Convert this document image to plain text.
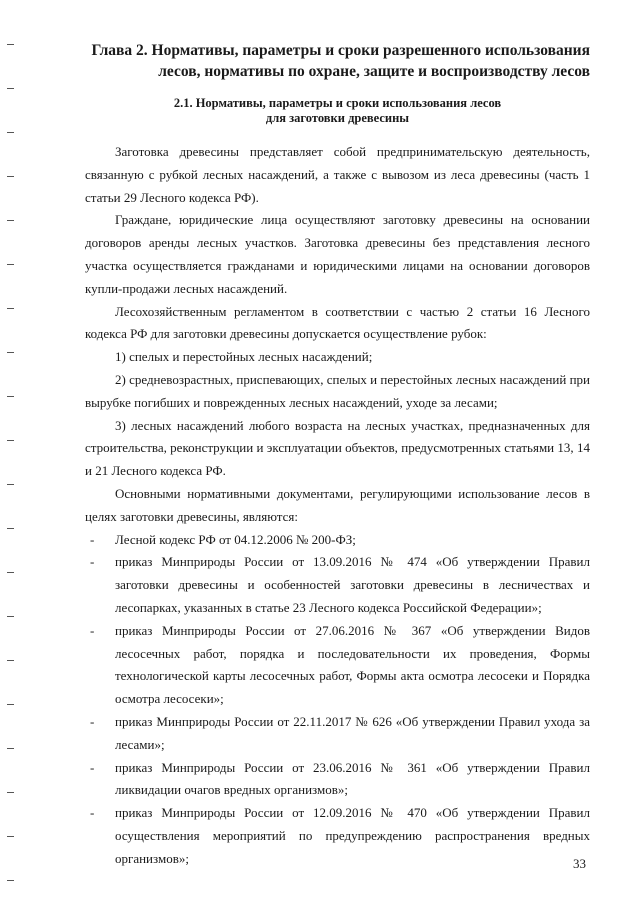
Глава 2. Нормативы, параметры и сроки разрешенного использования
лесов, нормативы по охране, защите и воспроизводству лесов
2.1. Нормативы, параметры и сроки использования лесов
для заготовки древесины

Заготовка древесины представляет собой предпринимательскую деятельность, связанную с рубкой лесных насаждений, а также с вывозом из леса древесины (часть 1 статьи 29 Лесного кодекса РФ).

Граждане, юридические лица осуществляют заготовку древесины на основании договоров аренды лесных участков. Заготовка древесины без представления лесного участка осуществляется гражданами и юридическими лицами на основании договоров купли-продажи лесных насаждений.

Лесохозяйственным регламентом в соответствии с частью 2 статьи 16 Лесного кодекса РФ для заготовки древесины допускается осуществление рубок:

1) спелых и перестойных лесных насаждений;

2) средневозрастных, приспевающих, спелых и перестойных лесных насаждений при вырубке погибших и поврежденных лесных насаждений, уходе за лесами;

3) лесных насаждений любого возраста на лесных участках, предназначенных для строительства, реконструкции и эксплуатации объектов, предусмотренных статьями 13, 14 и 21 Лесного кодекса РФ.

Основными нормативными документами, регулирующими использование лесов в целях заготовки древесины, являются:

- Лесной кодекс РФ от 04.12.2006 № 200-ФЗ;
- приказ Минприроды России от 13.09.2016 № 474 «Об утверждении Правил заготовки древесины и особенностей заготовки древесины в лесничествах и лесопарках, указанных в статье 23 Лесного кодекса Российской Федерации»;
- приказ Минприроды России от 27.06.2016 № 367 «Об утверждении Видов лесосечных работ, порядка и последовательности их проведения, Формы технологической карты лесосечных работ, Формы акта осмотра лесосеки и Порядка осмотра лесосеки»;
- приказ Минприроды России от 22.11.2017 № 626 «Об утверждении Правил ухода за лесами»;
- приказ Минприроды России от 23.06.2016 № 361 «Об утверждении Правил ликвидации очагов вредных организмов»;
- приказ Минприроды России от 12.09.2016 № 470 «Об утверждении Правил осуществления мероприятий по предупреждению распространения вредных организмов»;	33
